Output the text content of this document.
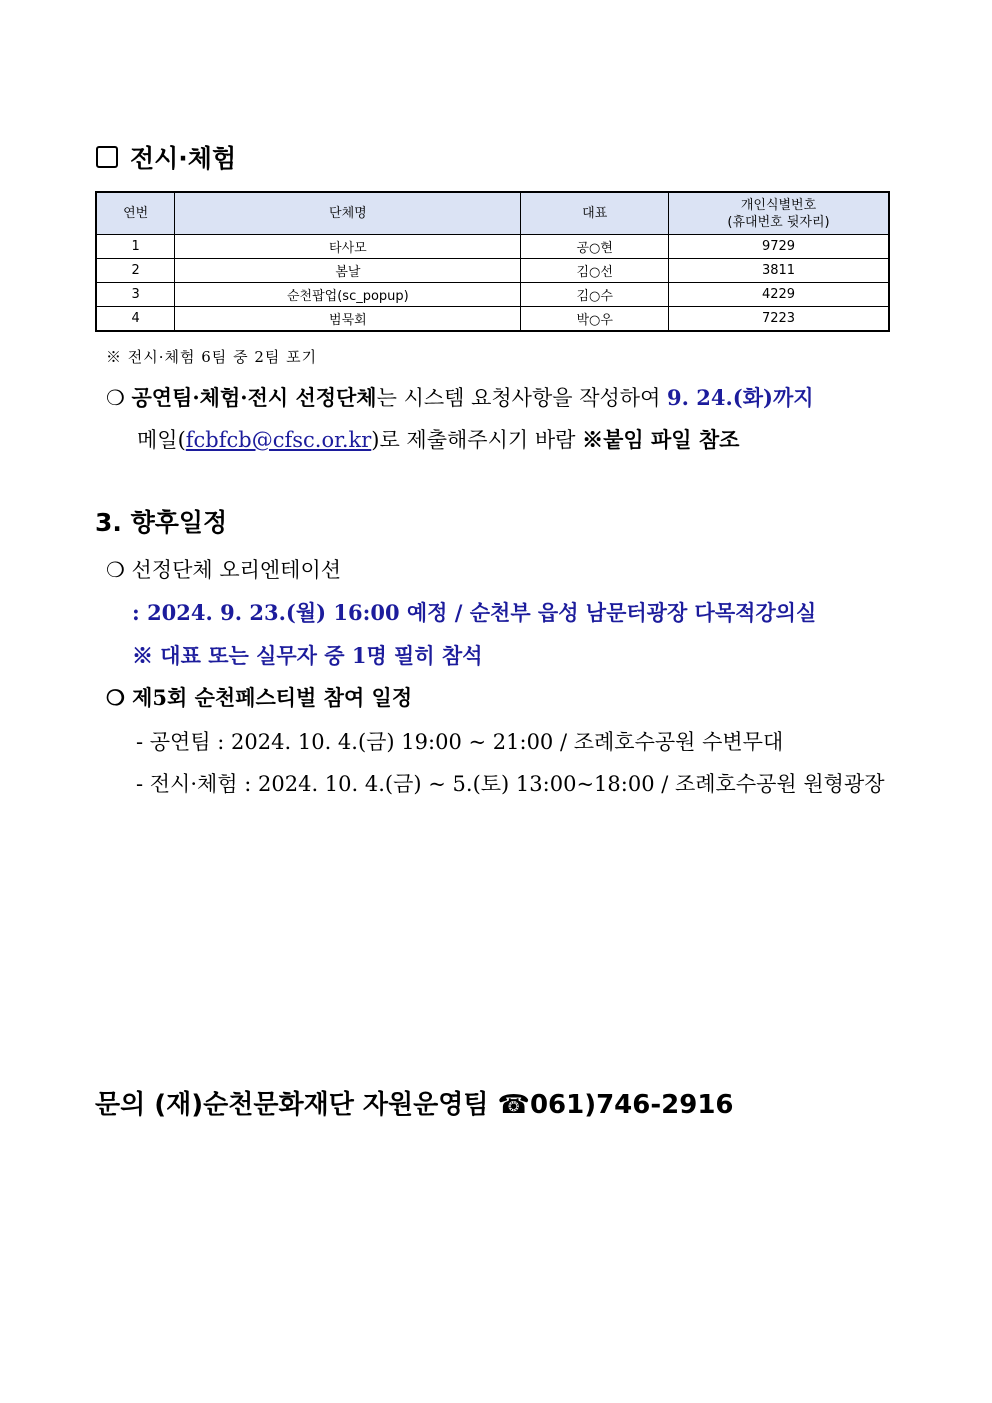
전시·체험
연번	단체명	대표	개인식별번호
(휴대번호 뒷자리)

1	타사모	공○현	9729
2	봄날	김○선	3811
3	순천팝업(sc_popup)	김○수	4229
4	범묵회	박○우	7223
※ 전시·체험 6팀 중 2팀 포기
❍ 공연팀·체험·전시 선정단체는 시스템 요청사항을 작성하여 9. 24.(화)까지
메일(fcbfcb@cfsc.or.kr)로 제출해주시기 바람 ※붙임 파일 참조
3. 향후일정
❍ 선정단체 오리엔테이션
: 2024. 9. 23.(월) 16:00 예정 / 순천부 읍성 남문터광장 다목적강의실
※ 대표 또는 실무자 중 1명 필히 참석
❍ 제5회 순천페스티벌 참여 일정
- 공연팀 : 2024. 10. 4.(금) 19:00 ~ 21:00 / 조례호수공원 수변무대
- 전시·체험 : 2024. 10. 4.(금) ~ 5.(토) 13:00~18:00 / 조례호수공원 원형광장
문의 (재)순천문화재단 자원운영팀 ☎061)746-2916
